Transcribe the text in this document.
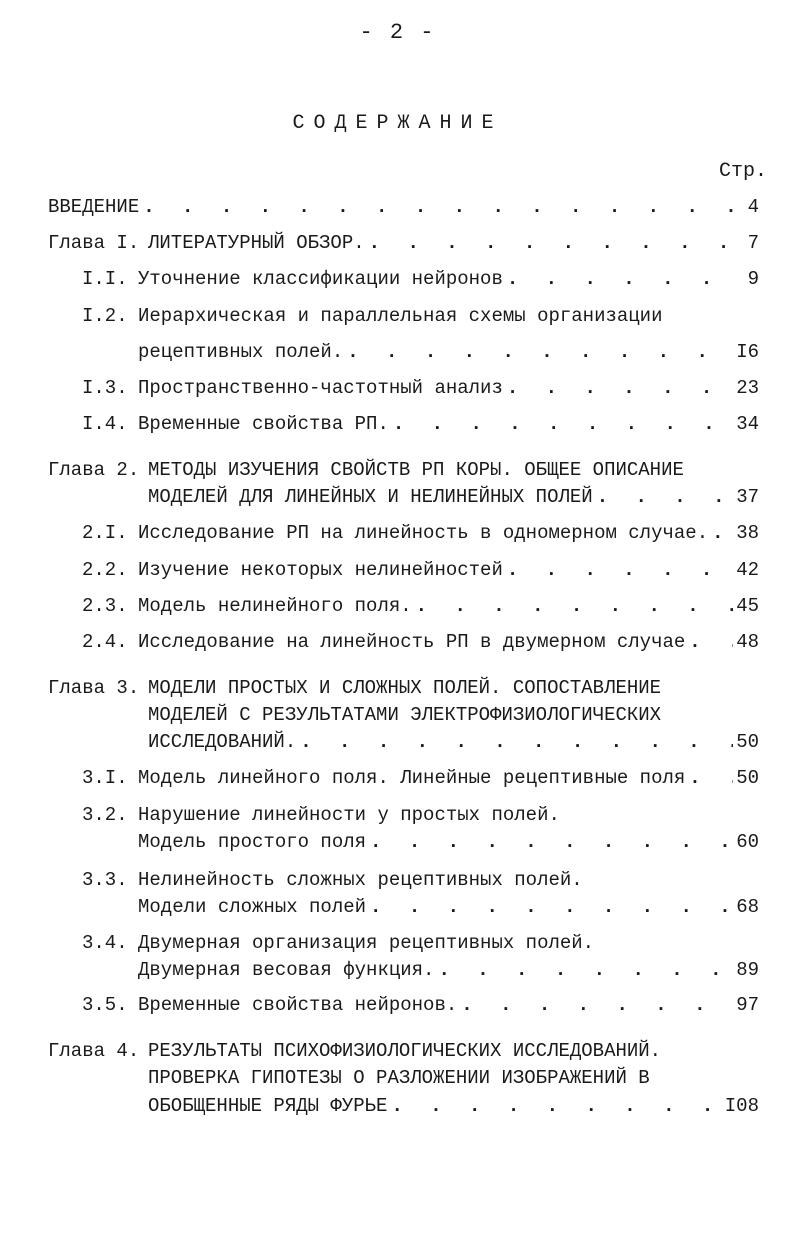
- 2 -
СОДЕРЖАНИЕ
Стр.
ВВЕДЕНИЕ . . .	4
Глава I. ЛИТЕРАТУРНЫЙ ОБЗОР. . . .	7
I.I. Уточнение классификации нейронов . . .	9
I.2. Иерархическая и параллельная схемы организации
рецептивных полей. . . .	I6
I.3. Пространственно-частотный анализ . . .	23
I.4. Временные свойства РП. . . .	34
Глава 2. МЕТОДЫ ИЗУЧЕНИЯ СВОЙСТВ РП КОРЫ. ОБЩЕЕ ОПИСАНИЕ
МОДЕЛЕЙ ДЛЯ ЛИНЕЙНЫХ И НЕЛИНЕЙНЫХ ПОЛЕЙ . . .	37
2.I. Исследование РП на линейность в одномерном случае. . . . 38
2.2. Изучение некоторых нелинейностей . . .	42
2.3. Модель нелинейного поля. . . .	45
2.4. Исследование на линейность РП в двумерном случае . . .	48
Глава 3. МОДЕЛИ ПРОСТЫХ И СЛОЖНЫХ ПОЛЕЙ. СОПОСТАВЛЕНИЕ
МОДЕЛЕЙ С РЕЗУЛЬТАТАМИ ЭЛЕКТРОФИЗИОЛОГИЧЕСКИХ
ИССЛЕДОВАНИЙ. . . .	50
3.I. Модель линейного поля. Линейные рецептивные поля . . .	50
3.2. Нарушение линейности у простых полей.
Модель простого поля . . .	60
3.3. Нелинейность сложных рецептивных полей.
Модели сложных полей . . .	68
3.4. Двумерная организация рецептивных полей.
Двумерная весовая функция. . . .	89
3.5. Временные свойства нейронов. . . .	97
Глава 4. РЕЗУЛЬТАТЫ ПСИХОФИЗИОЛОГИЧЕСКИХ ИССЛЕДОВАНИЙ.
ПРОВЕРКА ГИПОТЕЗЫ О РАЗЛОЖЕНИИ ИЗОБРАЖЕНИЙ В
ОБОБЩЕННЫЕ РЯДЫ ФУРЬЕ . . .	I08
